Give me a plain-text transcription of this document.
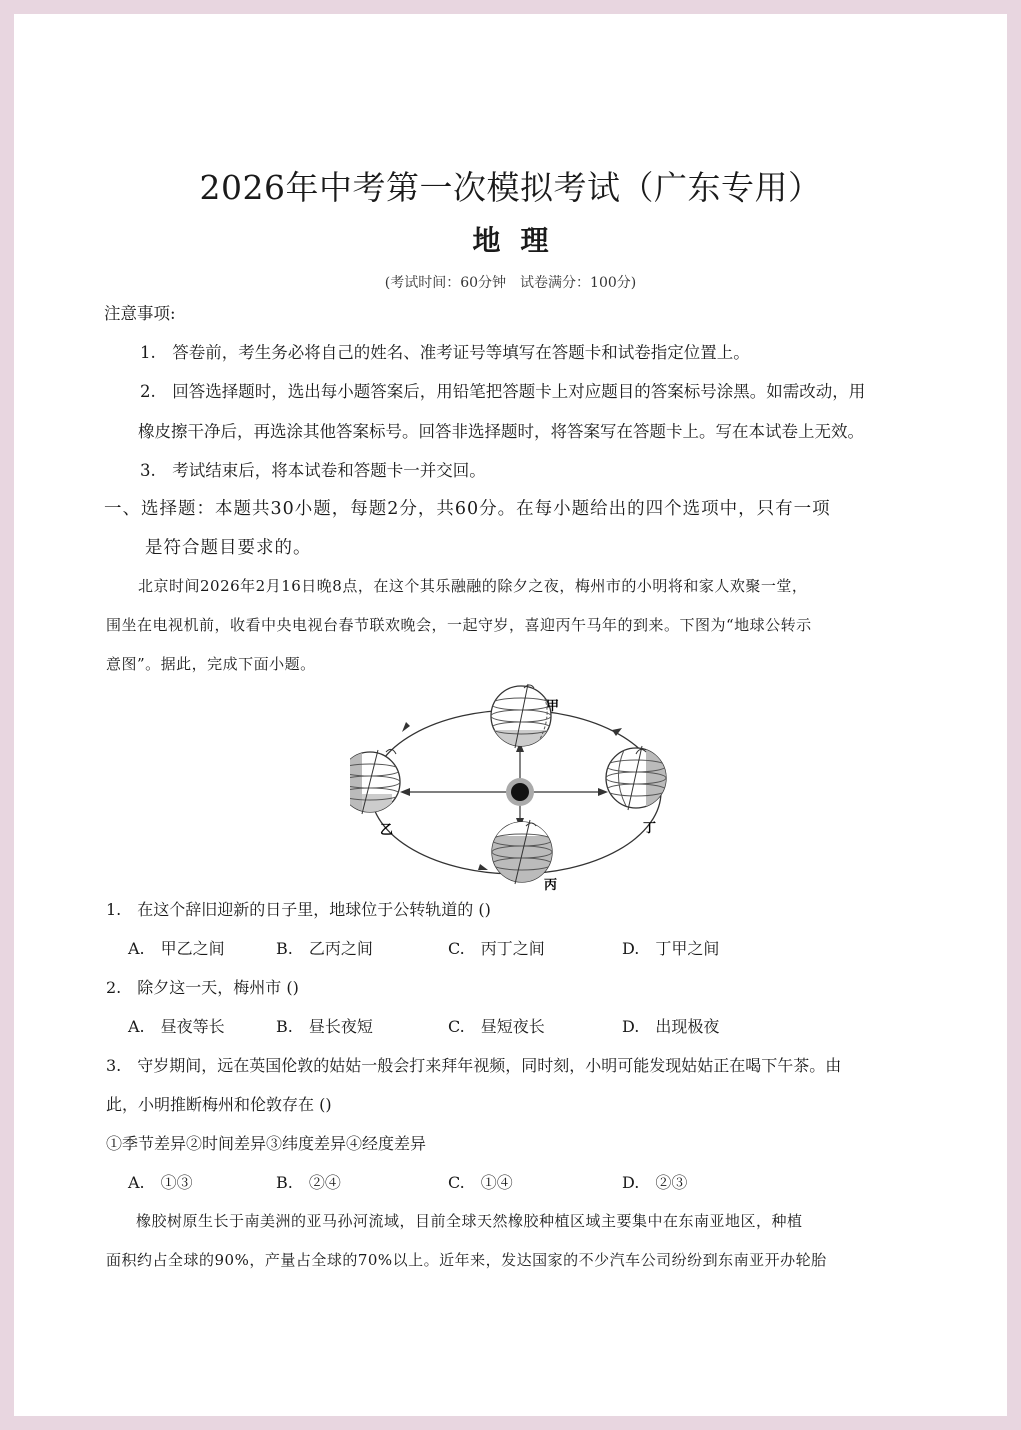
2026年中考第一次模拟考试（广东专用）
地理
(考试时间：60分钟　试卷满分：100分)
注意事项:
1.　答卷前，考生务必将自己的姓名、准考证号等填写在答题卡和试卷指定位置上。
2.　回答选择题时，选出每小题答案后，用铅笔把答题卡上对应题目的答案标号涂黑。如需改动，用
橡皮擦干净后，再选涂其他答案标号。回答非选择题时，将答案写在答题卡上。写在本试卷上无效。
3.　考试结束后，将本试卷和答题卡一并交回。
一、选择题：本题共30小题，每题2分，共60分。在每小题给出的四个选项中，只有一项
是符合题目要求的。
北京时间2026年2月16日晚8点，在这个其乐融融的除夕之夜，梅州市的小明将和家人欢聚一堂，
围坐在电视机前，收看中央电视台春节联欢晚会，一起守岁，喜迎丙午马年的到来。下图为“地球公转示
意图”。据此，完成下面小题。
甲
乙	丁
丙
1.　在这个辞旧迎新的日子里，地球位于公转轨道的 ()
A.　甲乙之间	B.　乙丙之间	C.　丙丁之间	D.　丁甲之间
2.　除夕这一天，梅州市 ()
A.　昼夜等长	B.　昼长夜短	C.　昼短夜长	D.　出现极夜
3.　守岁期间，远在英国伦敦的姑姑一般会打来拜年视频，同时刻，小明可能发现姑姑正在喝下午茶。由
此，小明推断梅州和伦敦存在 ()
①季节差异②时间差异③纬度差异④经度差异
A.　①③	B.　②④	C.　①④	D.　②③
橡胶树原生长于南美洲的亚马孙河流域，目前全球天然橡胶种植区域主要集中在东南亚地区，种植
面积约占全球的90%，产量占全球的70%以上。近年来，发达国家的不少汽车公司纷纷到东南亚开办轮胎
